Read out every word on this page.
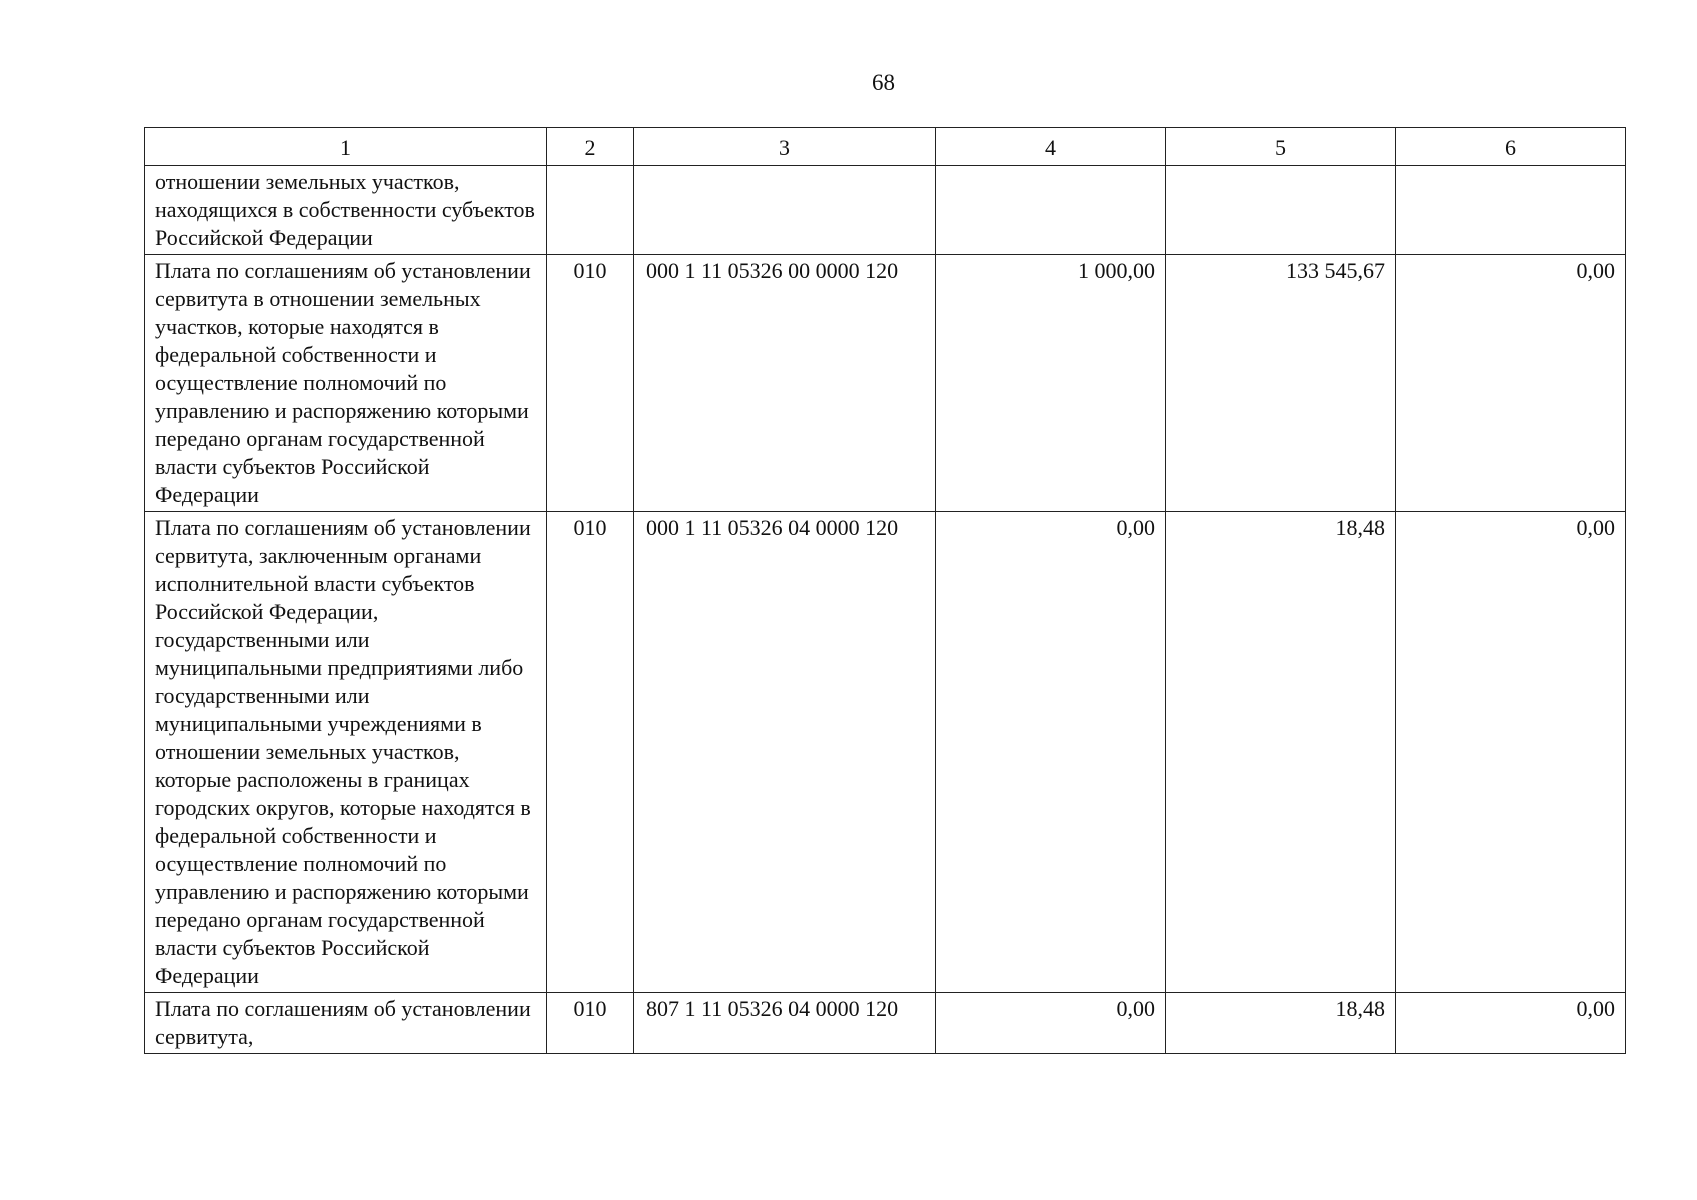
68
1	2	3	4	5	6
отношении земельных участков, находящихся в собственности субъектов Российской Федерации					
Плата по соглашениям об установлении сервитута в отношении земельных участков, которые находятся в федеральной собственности и осуществление полномочий по управлению и распоряжению которыми передано органам государственной власти субъектов Российской Федерации	010	000 1 11 05326 00 0000 120	1 000,00	133 545,67	0,00
Плата по соглашениям об установлении сервитута, заключенным органами исполнительной власти субъектов Российской Федерации, государственными или муниципальными предприятиями либо государственными или муниципальными учреждениями в отношении земельных участков, которые расположены в границах городских округов, которые находятся в федеральной собственности и осуществление полномочий по управлению и распоряжению которыми передано органам государственной власти субъектов Российской Федерации	010	000 1 11 05326 04 0000 120	0,00	18,48	0,00
Плата по соглашениям об установлении сервитута,	010	807 1 11 05326 04 0000 120	0,00	18,48	0,00
